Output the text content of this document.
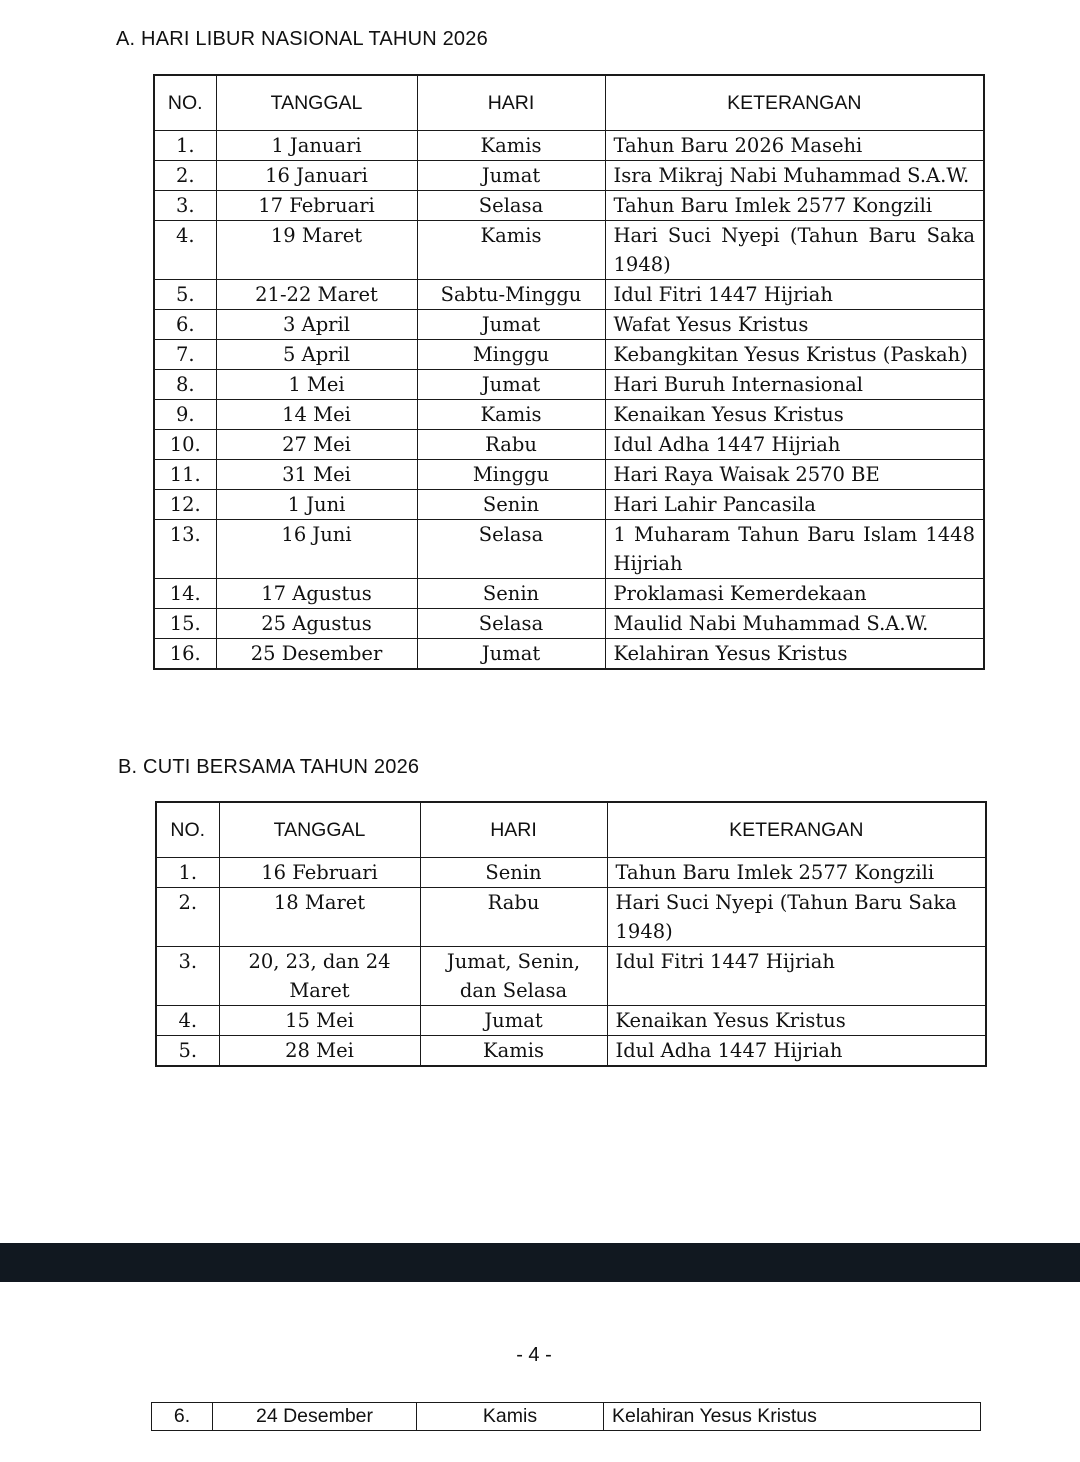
A. HARI LIBUR NASIONAL TAHUN 2026
NO.	TANGGAL	HARI	KETERANGAN
1.	1 Januari	Kamis	Tahun Baru 2026 Masehi
2.	16 Januari	Jumat	Isra Mikraj Nabi Muhammad S.A.W.
3.	17 Februari	Selasa	Tahun Baru Imlek 2577 Kongzili
4.	19 Maret	Kamis	Hari Suci Nyepi (Tahun Baru Saka 1948)
5.	21-22 Maret	Sabtu-Minggu	Idul Fitri 1447 Hijriah
6.	3 April	Jumat	Wafat Yesus Kristus
7.	5 April	Minggu	Kebangkitan Yesus Kristus (Paskah)
8.	1 Mei	Jumat	Hari Buruh Internasional
9.	14 Mei	Kamis	Kenaikan Yesus Kristus
10.	27 Mei	Rabu	Idul Adha 1447 Hijriah
11.	31 Mei	Minggu	Hari Raya Waisak 2570 BE
12.	1 Juni	Senin	Hari Lahir Pancasila
13.	16 Juni	Selasa	1 Muharam Tahun Baru Islam 1448 Hijriah
14.	17 Agustus	Senin	Proklamasi Kemerdekaan
15.	25 Agustus	Selasa	Maulid Nabi Muhammad S.A.W.
16.	25 Desember	Jumat	Kelahiran Yesus Kristus
B. CUTI BERSAMA TAHUN 2026
NO.	TANGGAL	HARI	KETERANGAN
1.	16 Februari	Senin	Tahun Baru Imlek 2577 Kongzili
2.	18 Maret	Rabu	Hari Suci Nyepi (Tahun Baru Saka 1948)
3.	20, 23, dan 24 Maret	Jumat, Senin, dan Selasa	Idul Fitri 1447 Hijriah
4.	15 Mei	Jumat	Kenaikan Yesus Kristus
5.	28 Mei	Kamis	Idul Adha 1447 Hijriah
- 4 -
6.	24 Desember	Kamis	Kelahiran Yesus Kristus
